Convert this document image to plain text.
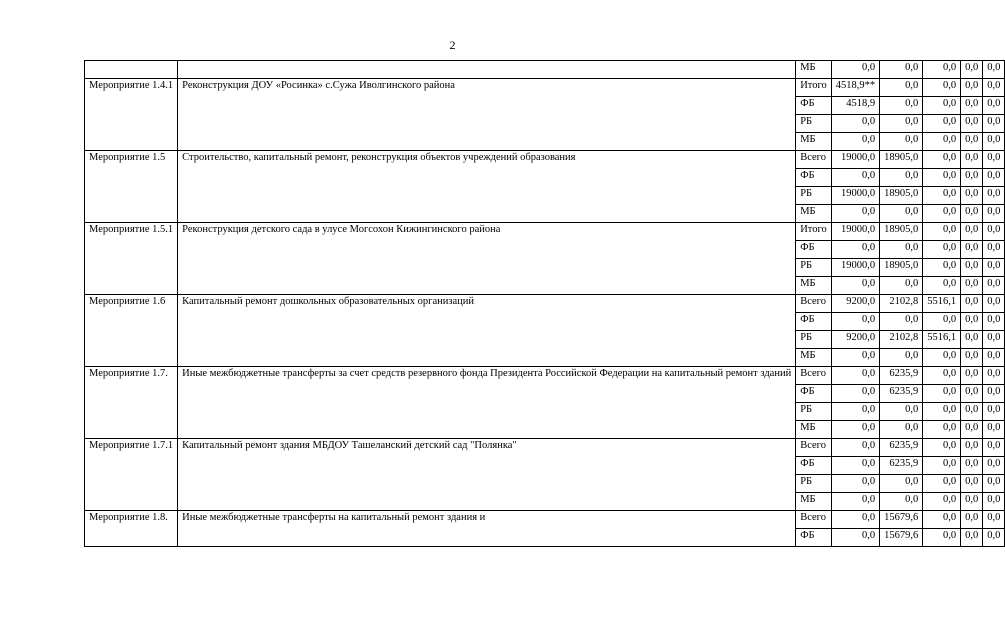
2
		МБ	0,0	0,0	0,0	0,0	0,0
Мероприятие 1.4.1	Реконструкция ДОУ «Росинка» с.Сужа Иволгинского района	Итого	4518,9**	0,0	0,0	0,0	0,0
		ФБ	4518,9	0,0	0,0	0,0	0,0
		РБ	0,0	0,0	0,0	0,0	0,0
		МБ	0,0	0,0	0,0	0,0	0,0
Мероприятие 1.5	Строительство, капитальный ремонт, реконструкция объектов учреждений образования	Всего	19000,0	18905,0	0,0	0,0	0,0
		ФБ	0,0	0,0	0,0	0,0	0,0
		РБ	19000,0	18905,0	0,0	0,0	0,0
		МБ	0,0	0,0	0,0	0,0	0,0
Мероприятие 1.5.1	Реконструкция детского сада в улусе Могсохон Кижингинского района	Итого	19000,0	18905,0	0,0	0,0	0,0
		ФБ	0,0	0,0	0,0	0,0	0,0
		РБ	19000,0	18905,0	0,0	0,0	0,0
		МБ	0,0	0,0	0,0	0,0	0,0
Мероприятие 1.6	Капитальный ремонт дошкольных образовательных организаций	Всего	9200,0	2102,8	5516,1	0,0	0,0
		ФБ	0,0	0,0	0,0	0,0	0,0
		РБ	9200,0	2102,8	5516,1	0,0	0,0
		МБ	0,0	0,0	0,0	0,0	0,0
Мероприятие 1.7.	Иные межбюджетные трансферты за счет средств резервного фонда Президента Российской Федерации на капитальный ремонт зданий	Всего	0,0	6235,9	0,0	0,0	0,0
		ФБ	0,0	6235,9	0,0	0,0	0,0
		РБ	0,0	0,0	0,0	0,0	0,0
		МБ	0,0	0,0	0,0	0,0	0,0
Мероприятие 1.7.1	Капитальный ремонт здания МБДОУ Ташеланский детский сад "Полянка"	Всего	0,0	6235,9	0,0	0,0	0,0
		ФБ	0,0	6235,9	0,0	0,0	0,0
		РБ	0,0	0,0	0,0	0,0	0,0
		МБ	0,0	0,0	0,0	0,0	0,0
Мероприятие 1.8.	Иные межбюджетные трансферты на капитальный ремонт здания и	Всего	0,0	15679,6	0,0	0,0	0,0
		ФБ	0,0	15679,6	0,0	0,0	0,0
